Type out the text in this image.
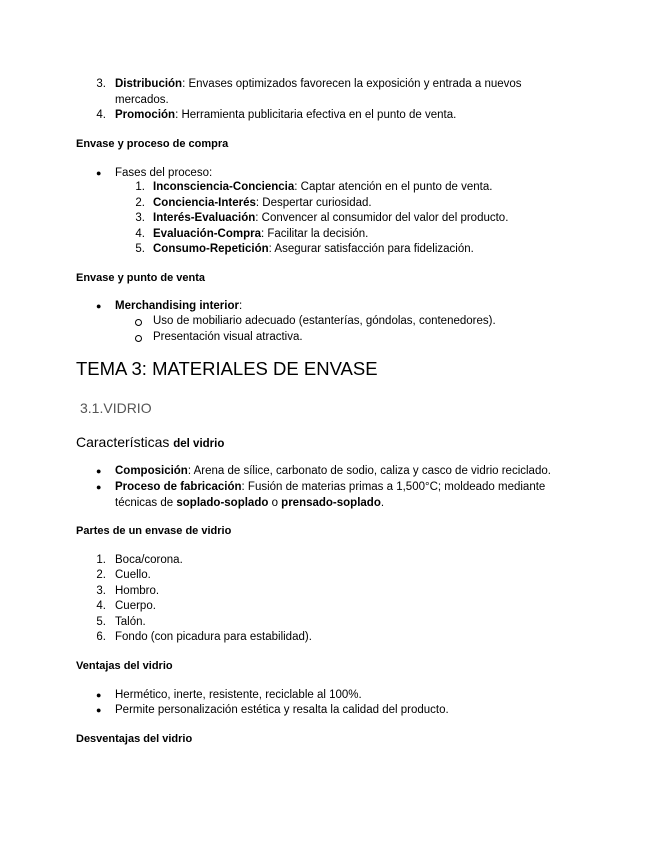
3. Distribución: Envases optimizados favorecen la exposición y entrada a nuevos
mercados.
4. Promoción: Herramienta publicitaria efectiva en el punto de venta.
Envase y proceso de compra
● Fases del proceso:
1. Inconsciencia-Conciencia: Captar atención en el punto de venta.
2. Conciencia-Interés: Despertar curiosidad.
3. Interés-Evaluación: Convencer al consumidor del valor del producto.
4. Evaluación-Compra: Facilitar la decisión.
5. Consumo-Repetición: Asegurar satisfacción para fidelización.
Envase y punto de venta
● Merchandising interior:
Uso de mobiliario adecuado (estanterías, góndolas, contenedores).
Presentación visual atractiva.
TEMA 3: MATERIALES DE ENVASE
3.1.VIDRIO
Características del vidrio
● Composición: Arena de sílice, carbonato de sodio, caliza y casco de vidrio reciclado.
● Proceso de fabricación: Fusión de materias primas a 1,500°C; moldeado mediante
técnicas de soplado-soplado o prensado-soplado.
Partes de un envase de vidrio
1. Boca/corona.
2. Cuello.
3. Hombro.
4. Cuerpo.
5. Talón.
6. Fondo (con picadura para estabilidad).
Ventajas del vidrio
● Hermético, inerte, resistente, reciclable al 100%.
● Permite personalización estética y resalta la calidad del producto.
Desventajas del vidrio
